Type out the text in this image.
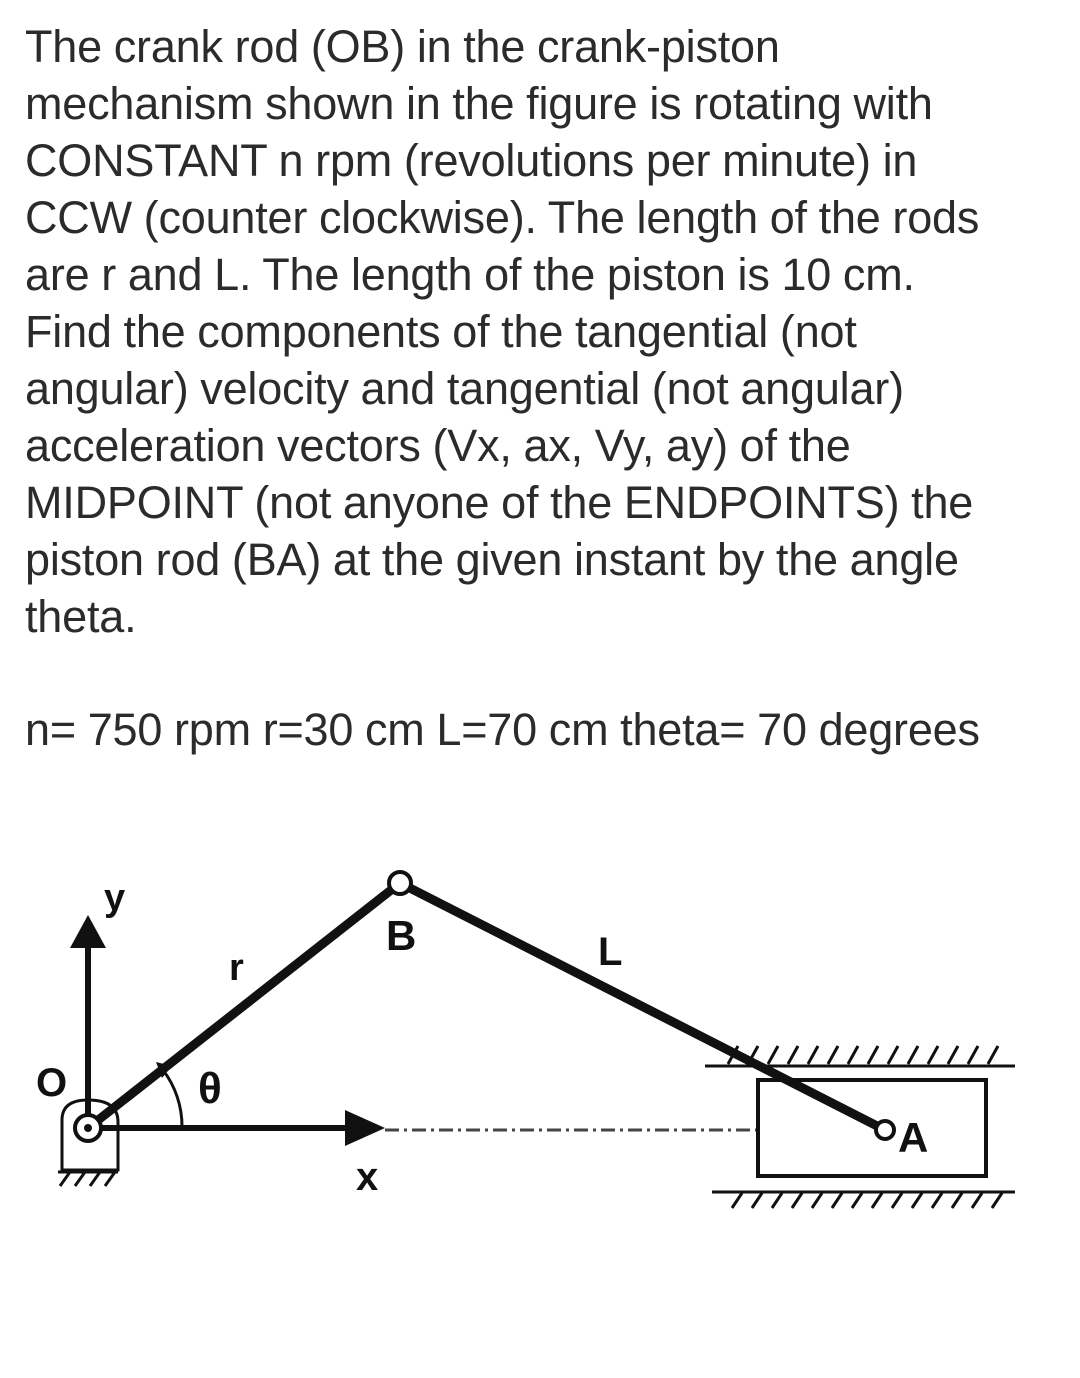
The crank rod (OB) in the crank-piston
mechanism shown in the figure is rotating with
CONSTANT n rpm (revolutions per minute) in
CCW (counter clockwise). The length of the rods
are r and L. The length of the piston is 10 cm.
Find the components of the tangential (not
angular) velocity and tangential (not angular)
acceleration vectors (Vx, ax, Vy, ay) of the
MIDPOINT (not anyone of the ENDPOINTS) the
piston rod (BA) at the given instant by the angle
theta.

n= 750 rpm r=30 cm L=70 cm theta= 70 degrees

y
O
r
B	L
θ
x
A
